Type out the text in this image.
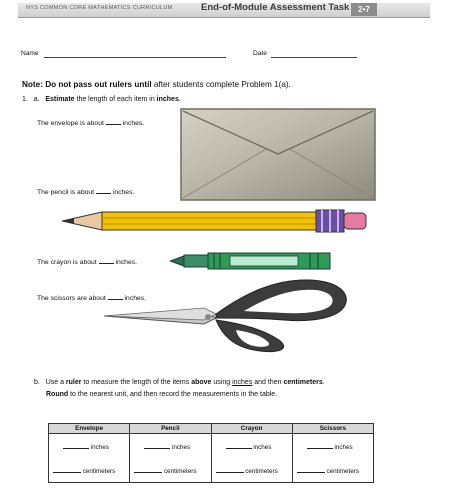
NYS COMMON CORE MATHEMATICS CURRICULUM	End-of-Module Assessment Task	2•7
Name	Date
Note: Do not pass out rulers until after students complete Problem 1(a).
1. a. Estimate the length of each item in inches.
The envelope is about  inches.
The pencil is about  inches.
The crayon is about  inches.
The scissors are about  inches.
b. Use a ruler to measure the length of the items above using inches and then centimeters.
Round to the nearest unit, and then record the measurements in the table.
Envelope	Pencil	Crayon	Scissors
inches	inches	inches	inches
centimeters	centimeters	centimeters	centimeters
